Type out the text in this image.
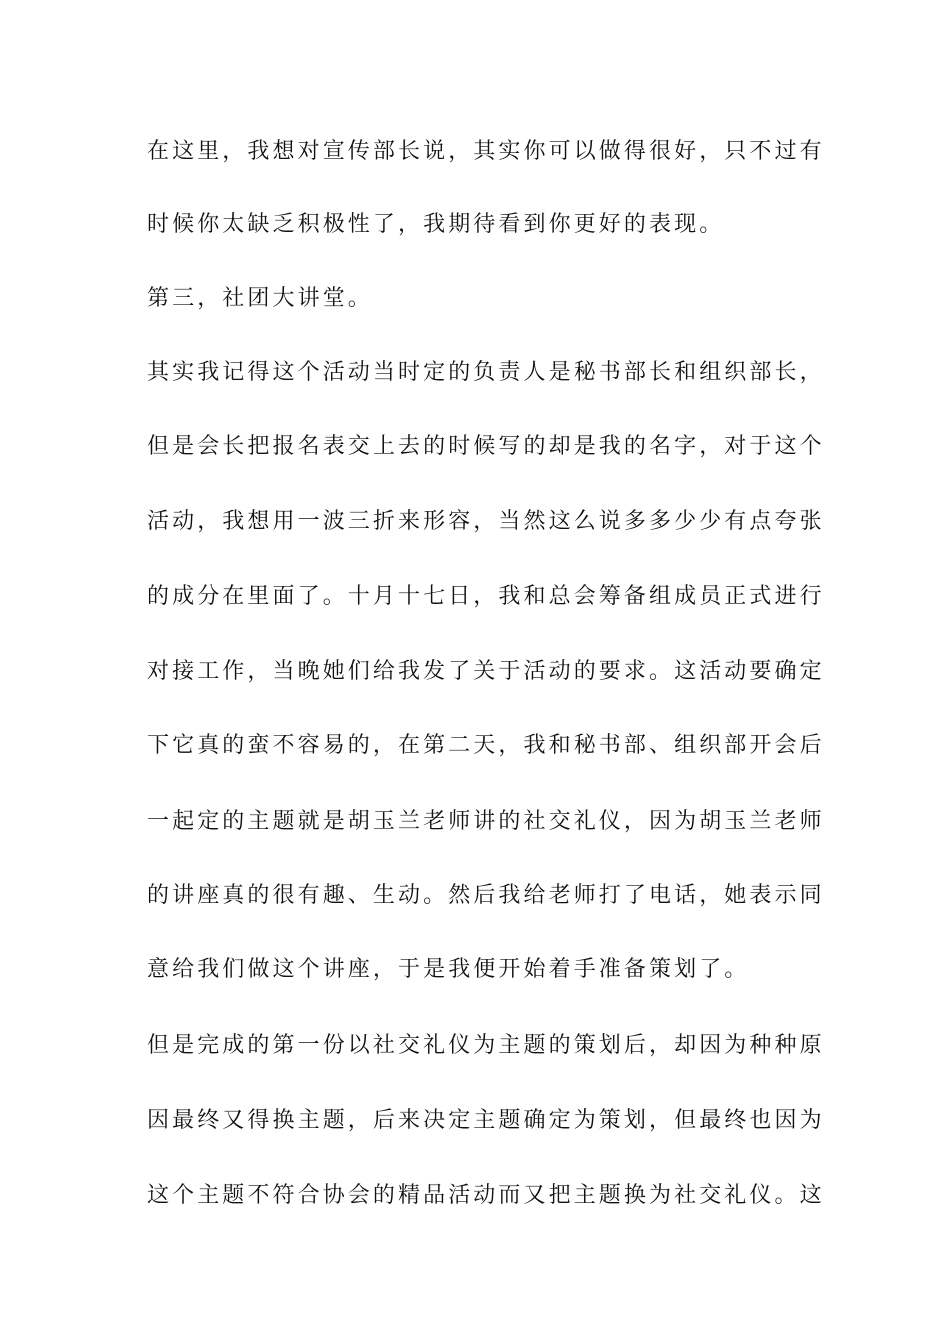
在这里，我想对宣传部长说，其实你可以做得很好，只不过有
时候你太缺乏积极性了，我期待看到你更好的表现。
第三，社团大讲堂。
其实我记得这个活动当时定的负责人是秘书部长和组织部长，
但是会长把报名表交上去的时候写的却是我的名字，对于这个
活动，我想用一波三折来形容，当然这么说多多少少有点夸张
的成分在里面了。十月十七日，我和总会筹备组成员正式进行
对接工作，当晚她们给我发了关于活动的要求。这活动要确定
下它真的蛮不容易的，在第二天，我和秘书部、组织部开会后
一起定的主题就是胡玉兰老师讲的社交礼仪，因为胡玉兰老师
的讲座真的很有趣、生动。然后我给老师打了电话，她表示同
意给我们做这个讲座，于是我便开始着手准备策划了。
但是完成的第一份以社交礼仪为主题的策划后，却因为种种原
因最终又得换主题，后来决定主题确定为策划，但最终也因为
这个主题不符合协会的精品活动而又把主题换为社交礼仪。这
